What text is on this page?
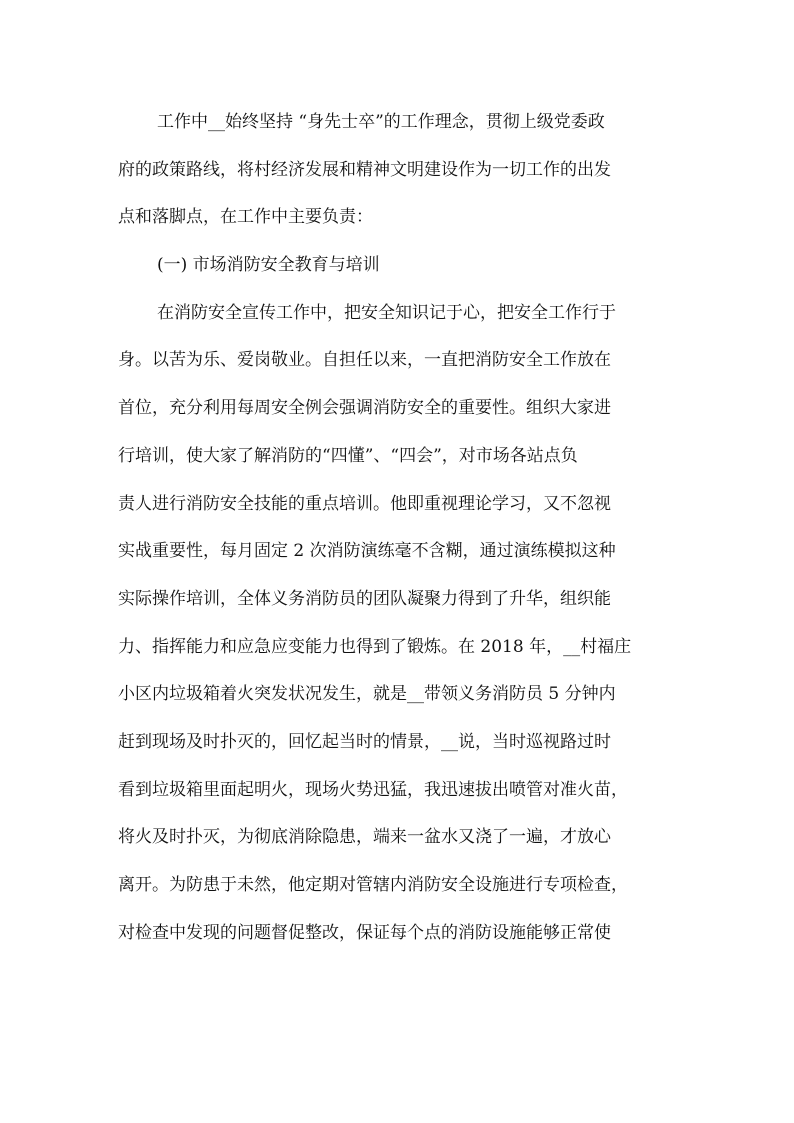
工作中__始终坚持 “身先士卒”的工作理念，贯彻上级党委政
府的政策路线，将村经济发展和精神文明建设作为一切工作的出发
点和落脚点，在工作中主要负责：
(一) 市场消防安全教育与培训
在消防安全宣传工作中，把安全知识记于心，把安全工作行于
身。以苦为乐、爱岗敬业。自担任以来，一直把消防安全工作放在
首位，充分利用每周安全例会强调消防安全的重要性。组织大家进
行培训，使大家了解消防的“四懂”、“四会”，对市场各站点负
责人进行消防安全技能的重点培训。他即重视理论学习，又不忽视
实战重要性，每月固定 2 次消防演练毫不含糊，通过演练模拟这种
实际操作培训，全体义务消防员的团队凝聚力得到了升华，组织能
力、指挥能力和应急应变能力也得到了锻炼。在 2018 年，__村福庄
小区内垃圾箱着火突发状况发生，就是__带领义务消防员 5 分钟内
赶到现场及时扑灭的，回忆起当时的情景，__说，当时巡视路过时
看到垃圾箱里面起明火，现场火势迅猛，我迅速拔出喷管对准火苗，
将火及时扑灭，为彻底消除隐患，端来一盆水又浇了一遍，才放心
离开。为防患于未然，他定期对管辖内消防安全设施进行专项检查，
对检查中发现的问题督促整改，保证每个点的消防设施能够正常使
